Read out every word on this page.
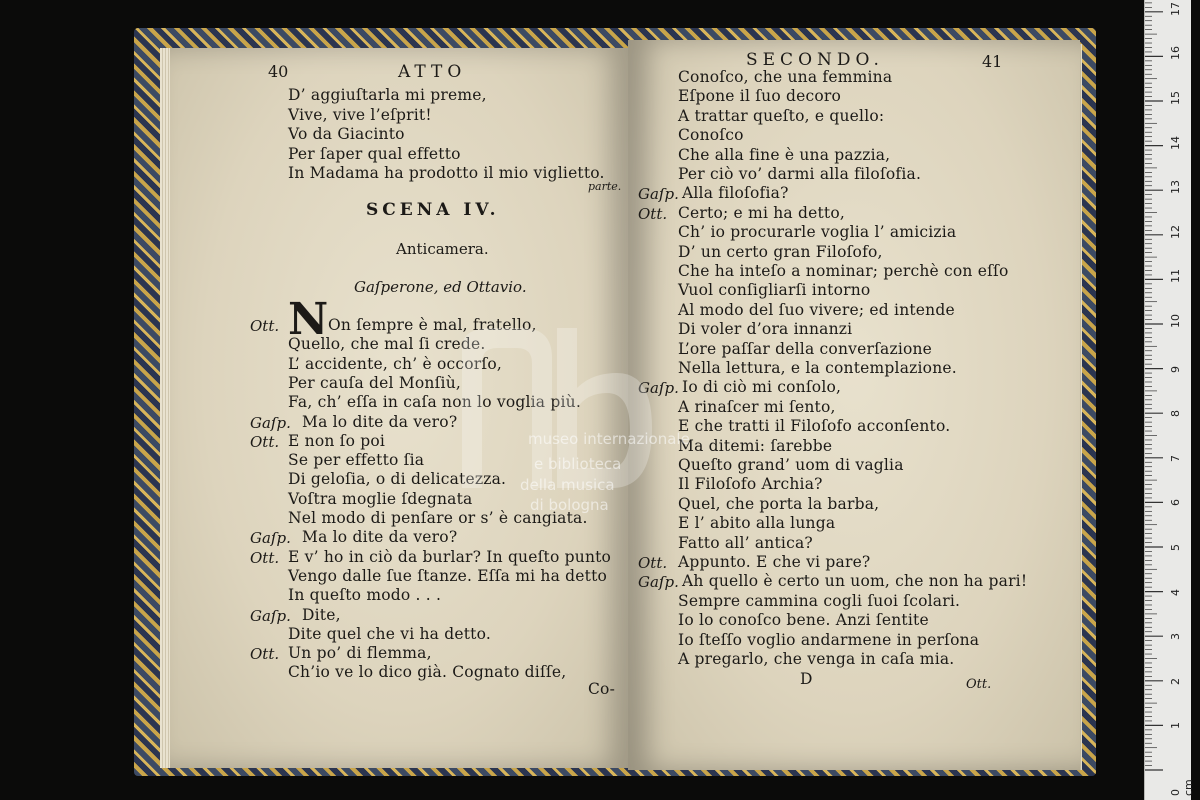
40	ATTO
D’ aggiuſtarla mi preme,
Vive, vive l’eſprit!
Vo da Giacinto
Per ſaper qual effetto
In Madama ha prodotto il mio viglietto.
parte.
SCENA IV.
Anticamera.
Gaſperone, ed Ottavio.
N
Ott.	On ſempre è mal, fratello,
Quello, che mal ſi crede.
L’ accidente, ch’ è occorſo,
Per cauſa del Monſiù,
Fa, ch’ eſſa in caſa non lo voglia più.
Gaſp. Ma lo dite da vero?
Ott. E non ſo poi
Se per effetto ſia
Di geloſia, o di delicatezza.
Voſtra moglie ſdegnata
Nel modo di penſare or s’ è cangiata.
Gaſp. Ma lo dite da vero?
Ott. E v’ ho in ciò da burlar? In queſto punto
Vengo dalle ſue ſtanze. Eſſa mi ha detto
In queſto modo . . .
Gaſp. Dite,
Dite quel che vi ha detto.
Ott. Un po’ di flemma,
Ch’io ve lo dico già. Cognato diſſe,
Co-
SECONDO.	41
Conoſco, che una femmina
Eſpone il ſuo decoro
A trattar queſto, e quello:
Conoſco
Che alla fine è una pazzia,
Per ciò vo’ darmi alla filoſofia.
Gaſp. Alla filoſofia?
Ott. Certo; e mi ha detto,
Ch’ io procurarle voglia l’ amicizia
D’ un certo gran Filoſofo,
Che ha inteſo a nominar; perchè con eſſo
Vuol conſigliarſi intorno
Al modo del ſuo vivere; ed intende
Di voler d’ora innanzi
L’ore paſſar della converſazione
Nella lettura, e la contemplazione.
Gaſp. Io di ciò mi conſolo,
A rinaſcer mi ſento,
E che tratti il Filoſofo acconſento.
Ma ditemi: ſarebbe
Queſto grand’ uom di vaglia
Il Filoſofo Archia?
Quel, che porta la barba,
E l’ abito alla lunga
Fatto all’ antica?
Ott. Appunto. E che vi pare?
Gaſp. Ah quello è certo un uom, che non ha pari!
Sempre cammina cogli ſuoi ſcolari.
Io lo conoſco bene. Anzi ſentite
Io ſteſſo voglio andarmene in perſona
A pregarlo, che venga in caſa mia.
D	Ott.
museo internazionale
e biblioteca
della musica
di bologna
17
16
15
14
13
12
11
10
9
8
7
6
5
4
3
2
1
0 cm
